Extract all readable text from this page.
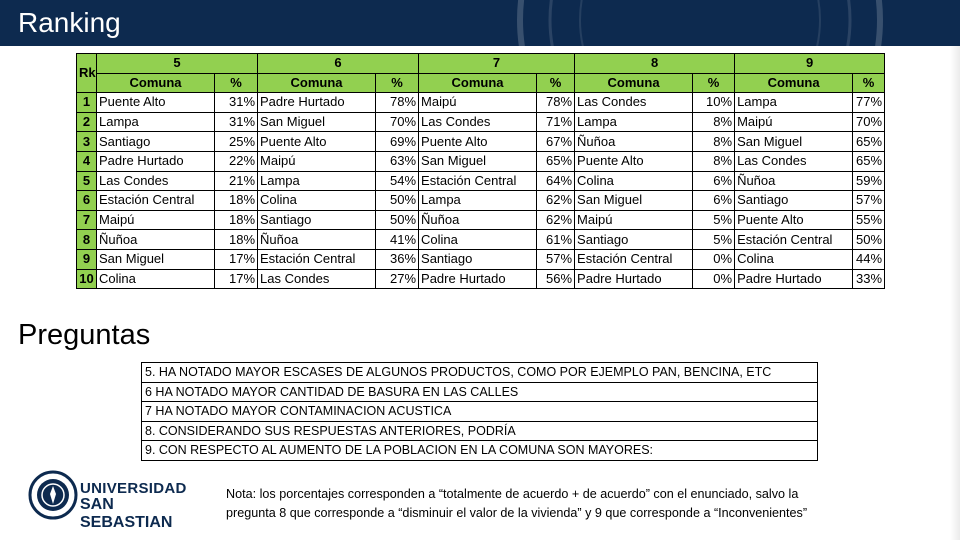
Ranking
Rk	5		6		7		8		9	
	Comuna	%	Comuna	%	Comuna	%	Comuna	%	Comuna	%
1	Puente Alto	31%	Padre Hurtado	78%	Maipú	78%	Las Condes	10%	Lampa	77%
2	Lampa	31%	San Miguel	70%	Las Condes	71%	Lampa	8%	Maipú	70%
3	Santiago	25%	Puente Alto	69%	Puente Alto	67%	Ñuñoa	8%	San Miguel	65%
4	Padre Hurtado	22%	Maipú	63%	San Miguel	65%	Puente Alto	8%	Las Condes	65%
5	Las Condes	21%	Lampa	54%	Estación Central	64%	Colina	6%	Ñuñoa	59%
6	Estación Central	18%	Colina	50%	Lampa	62%	San Miguel	6%	Santiago	57%
7	Maipú	18%	Santiago	50%	Ñuñoa	62%	Maipú	5%	Puente Alto	55%
8	Ñuñoa	18%	Ñuñoa	41%	Colina	61%	Santiago	5%	Estación Central	50%
9	San Miguel	17%	Estación Central	36%	Santiago	57%	Estación Central	0%	Colina	44%
10	Colina	17%	Las Condes	27%	Padre Hurtado	56%	Padre Hurtado	0%	Padre Hurtado	33%
Preguntas
5. HA NOTADO MAYOR ESCASES DE ALGUNOS PRODUCTOS, COMO POR EJEMPLO PAN, BENCINA, ETC
6 HA NOTADO MAYOR CANTIDAD DE BASURA EN LAS CALLES
7 HA NOTADO MAYOR CONTAMINACION ACUSTICA
8. CONSIDERANDO SUS RESPUESTAS ANTERIORES, PODRÍA
9. CON RESPECTO AL AUMENTO DE LA POBLACION EN LA COMUNA SON MAYORES:
UNIVERSIDAD
SAN SEBASTIAN
Nota: los porcentajes corresponden a “totalmente de acuerdo + de acuerdo” con el enunciado, salvo la
pregunta 8 que corresponde a “disminuir el valor de la vivienda” y 9 que corresponde a “Inconvenientes”
